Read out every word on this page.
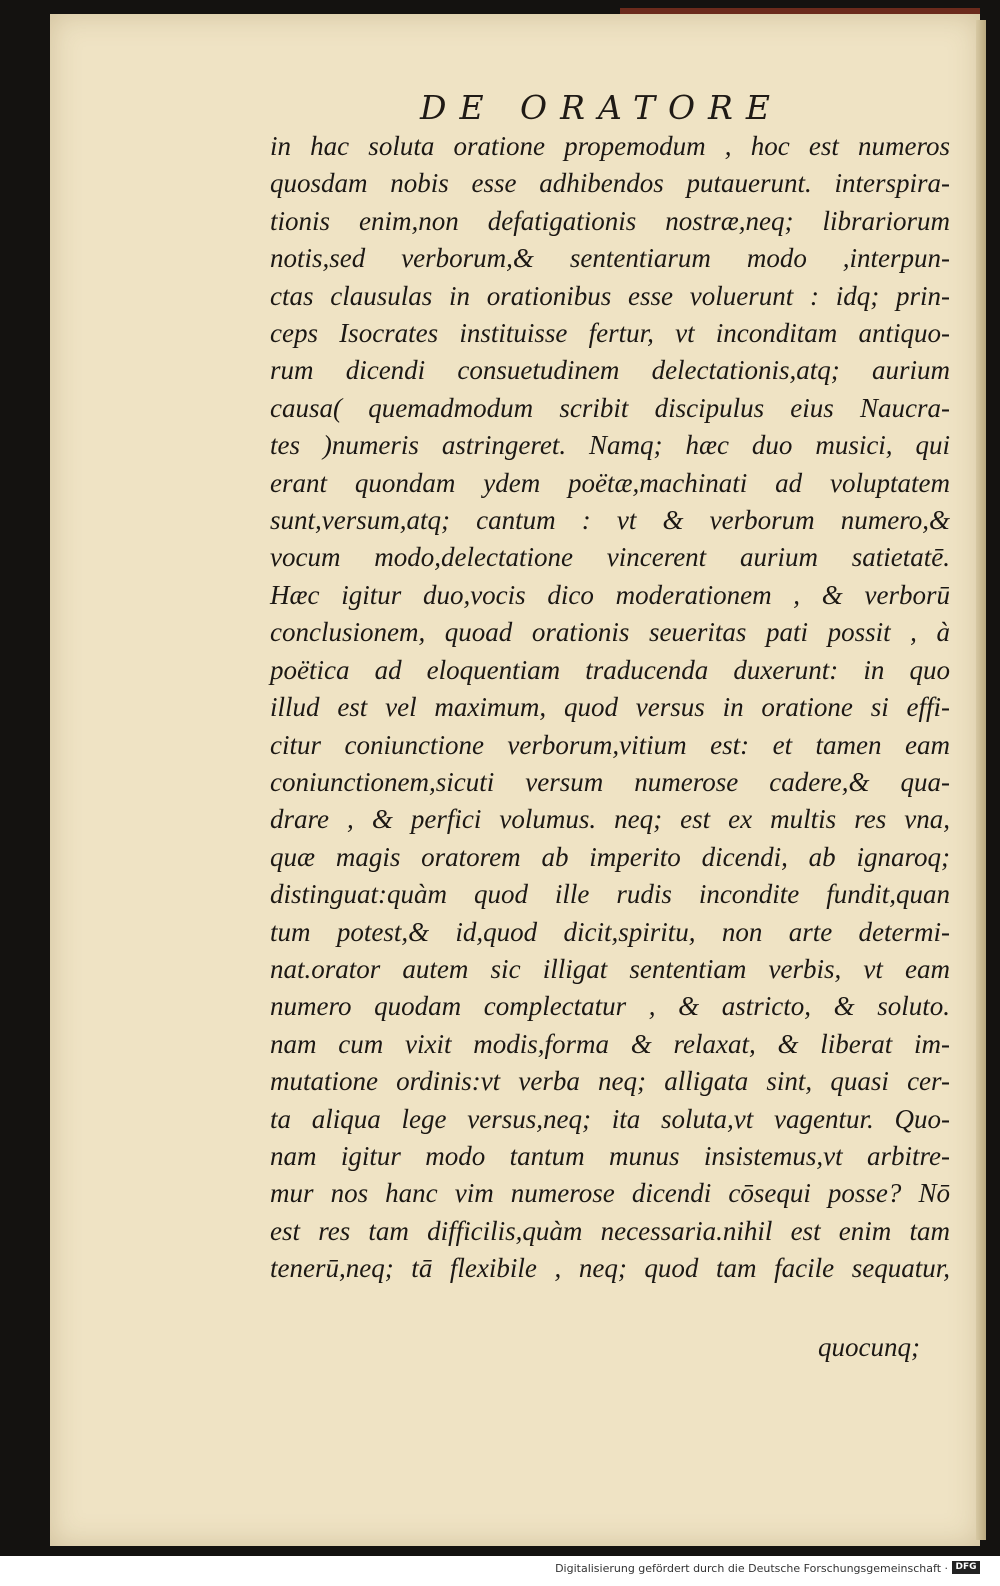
DE ORATORE
in hac soluta oratione propemodum , hoc est numeros
quosdam nobis esse adhibendos putauerunt. interspira-
tionis enim,non defatigationis nostræ,neq; librariorum
notis,sed verborum,& sententiarum modo ,interpun-
ctas clausulas in orationibus esse voluerunt : idq; prin-
ceps Isocrates instituisse fertur, vt inconditam antiquo-
rum dicendi consuetudinem delectationis,atq; aurium
causa( quemadmodum scribit discipulus eius Naucra-
tes )numeris astringeret. Namq; hæc duo musici, qui
erant quondam ydem poëtæ,machinati ad voluptatem
sunt,versum,atq; cantum : vt & verborum numero,&
vocum modo,delectatione vincerent aurium satietatē.
Hæc igitur duo,vocis dico moderationem , & verborū
conclusionem, quoad orationis seueritas pati possit , à
poëtica ad eloquentiam traducenda duxerunt: in quo
illud est vel maximum, quod versus in oratione si effi-
citur coniunctione verborum,vitium est: et tamen eam
coniunctionem,sicuti versum numerose cadere,& qua-
drare , & perfici volumus. neq; est ex multis res vna,
quæ magis oratorem ab imperito dicendi, ab ignaroq;
distinguat:quàm quod ille rudis incondite fundit,quan
tum potest,& id,quod dicit,spiritu, non arte determi-
nat.orator autem sic illigat sententiam verbis, vt eam
numero quodam complectatur , & astricto, & soluto.
nam cum vixit modis,forma & relaxat, & liberat im-
mutatione ordinis:vt verba neq; alligata sint, quasi cer-
ta aliqua lege versus,neq; ita soluta,vt vagentur. Quo-
nam igitur modo tantum munus insistemus,vt arbitre-
mur nos hanc vim numerose dicendi cōsequi posse? Nō
est res tam difficilis,quàm necessaria.nihil est enim tam
tenerū,neq; tā flexibile , neq; quod tam facile sequatur,
quocunq;
Digitalisierung gefördert durch die Deutsche Forschungsgemeinschaft · DFG
